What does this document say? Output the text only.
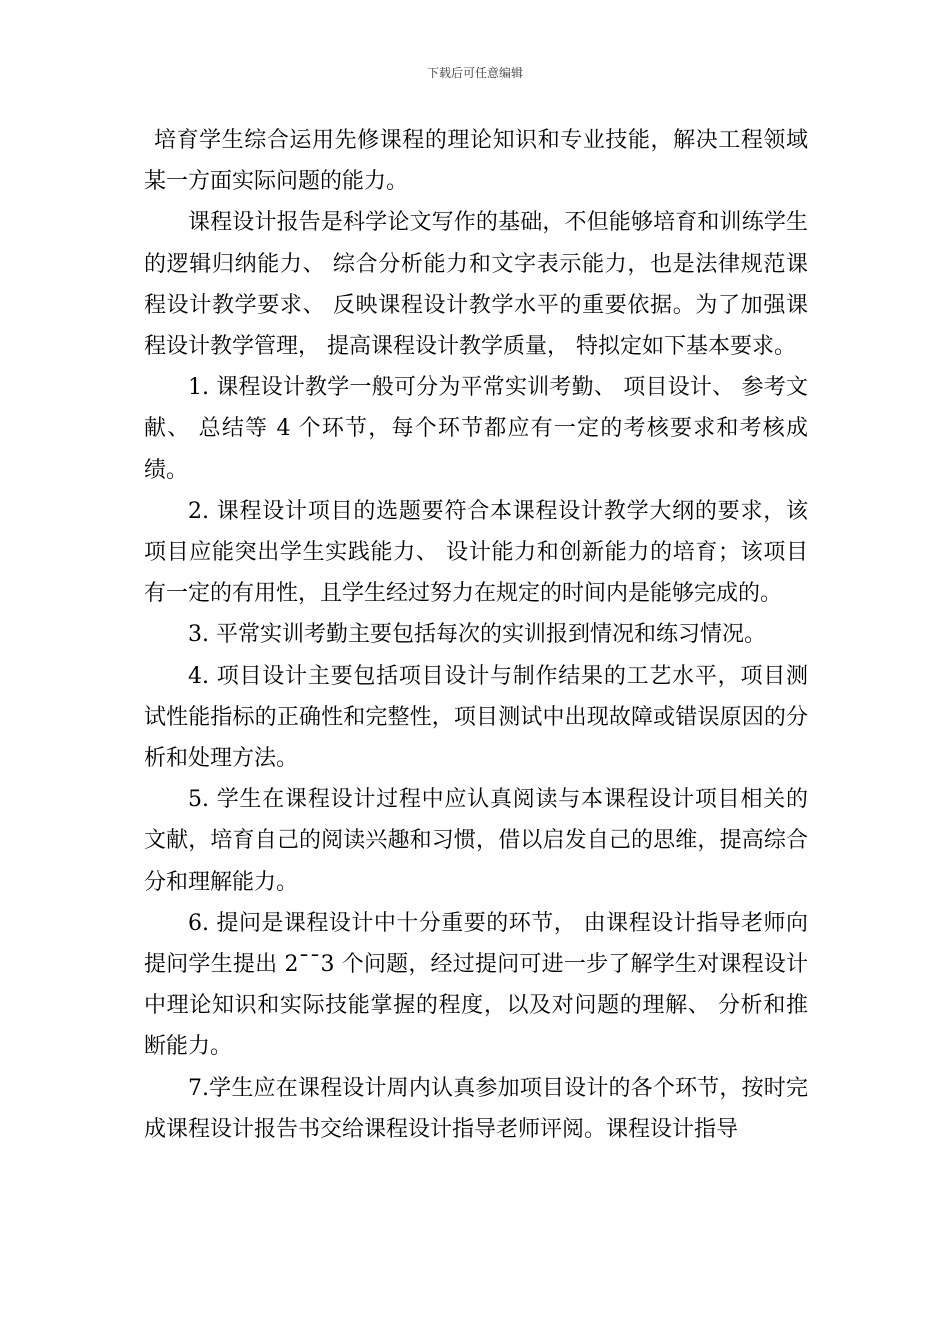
下载后可任意编辑

培育学生综合运用先修课程的理论知识和专业技能，解决工程领域某一方面实际问题的能力。

课程设计报告是科学论文写作的基础，不但能够培育和训练学生的逻辑归纳能力、 综合分析能力和文字表示能力，也是法律规范课程设计教学要求、 反映课程设计教学水平的重要依据。为了加强课程设计教学管理， 提高课程设计教学质量， 特拟定如下基本要求。

1. 课程设计教学一般可分为平常实训考勤、 项目设计、 参考文献、 总结等 4 个环节，每个环节都应有一定的考核要求和考核成绩。

2. 课程设计项目的选题要符合本课程设计教学大纲的要求，该项目应能突出学生实践能力、 设计能力和创新能力的培育；该项目有一定的有用性，且学生经过努力在规定的时间内是能够完成的。

3. 平常实训考勤主要包括每次的实训报到情况和练习情况。

4. 项目设计主要包括项目设计与制作结果的工艺水平，项目测试性能指标的正确性和完整性，项目测试中出现故障或错误原因的分析和处理方法。

5. 学生在课程设计过程中应认真阅读与本课程设计项目相关的文献，培育自己的阅读兴趣和习惯，借以启发自己的思维，提高综合分和理解能力。

6. 提问是课程设计中十分重要的环节， 由课程设计指导老师向提问学生提出 2¯¯3 个问题，经过提问可进一步了解学生对课程设计中理论知识和实际技能掌握的程度，以及对问题的理解、 分析和推断能力。

7.学生应在课程设计周内认真参加项目设计的各个环节，按时完成课程设计报告书交给课程设计指导老师评阅。课程设计指导
